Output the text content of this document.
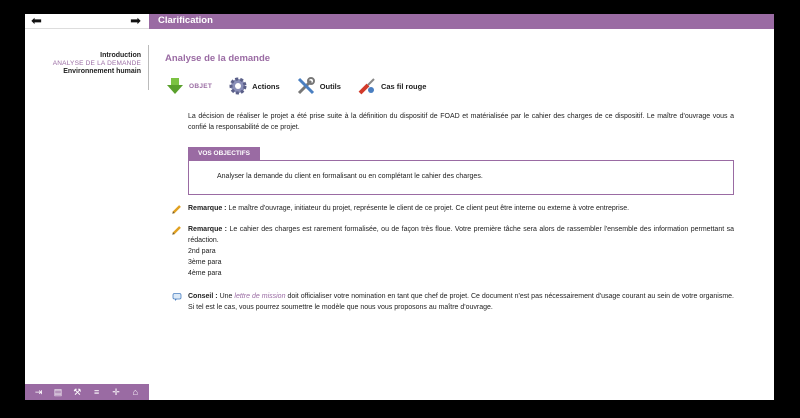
⬅	➡ Clarification
Introduction
ANALYSE DE LA DEMANDE
Environnement humain
⇥ ▤ ⚒	≡	✛	⌂
Analyse de la demande
OBJET	Actions	Outils	Cas fil rouge
La décision de réaliser le projet a été prise suite à la définition du dispositif de FOAD et matérialisée par le cahier des charges de ce dispositif. Le maître d'ouvrage vous a confié la responsabilité de ce projet.
VOS OBJECTIFS
Analyser la demande du client en formalisant ou en complétant le cahier des charges.
Remarque : Le maître d'ouvrage, initiateur du projet, représente le client de ce projet. Ce client peut être interne ou externe à votre entreprise.
Remarque : Le cahier des charges est rarement formalisée, ou de façon très floue. Votre première tâche sera alors de rassembler l'ensemble des information permettant sa rédaction.
2nd para
3ème para
4ème para
Conseil : Une lettre de mission doit officialiser votre nomination en tant que chef de projet. Ce document n'est pas nécessairement d'usage courant au sein de votre organisme. Si tel est le cas, vous pourrez soumettre le modèle que nous vous proposons au maître d'ouvrage.
